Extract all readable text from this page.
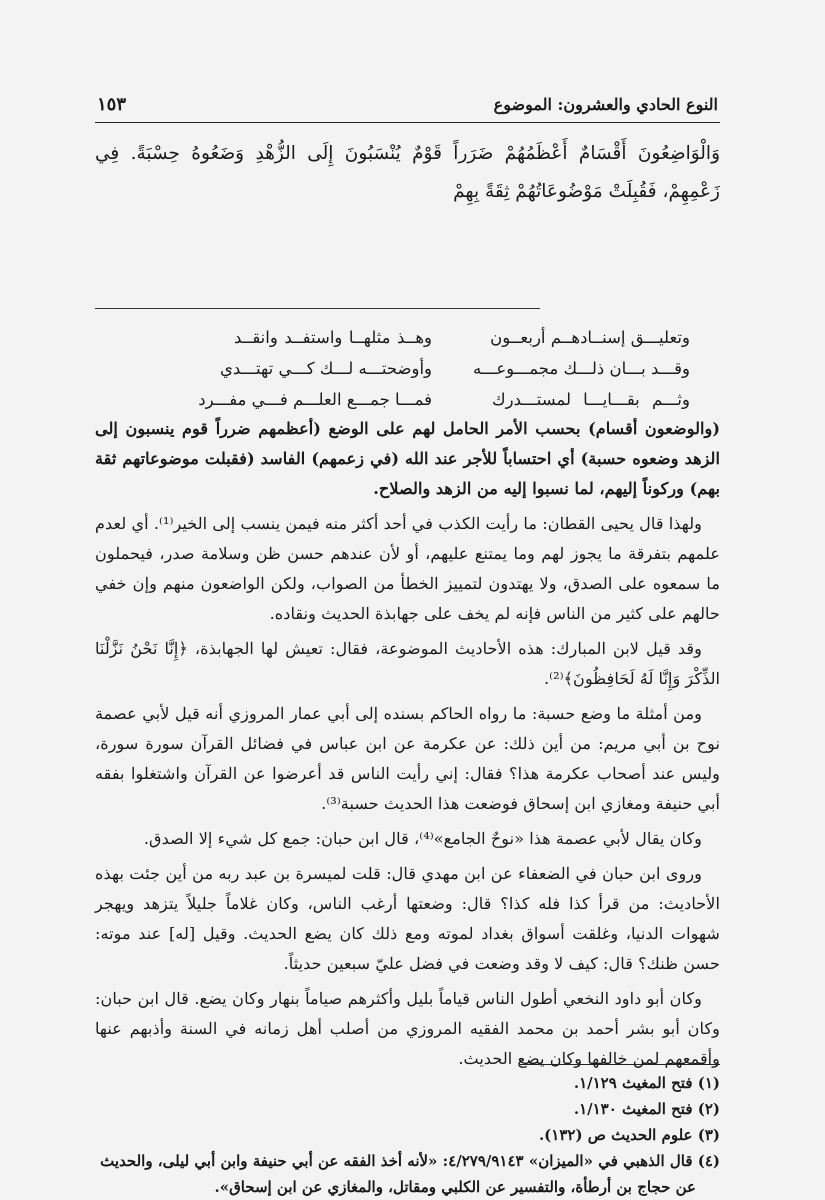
النوع الحادي والعشرون: الموضوع
١٥٣
وَالْوَاضِعُونَ أَقْسَامٌ أَعْظَمُهُمْ ضَرَراً قَوْمٌ يُنْسَبُونَ إِلَى الزُّهْدِ وَضَعُوهُ حِسْبَةً. فِي زَعْمِهِمْ، فَقُبِلَتْ مَوْضُوعَاتُهُمْ ثِقَةً بِهِمْ
وتعليـــق إسنــادهــم أربعــون
وهــذ مثلهــا واستفــد وانقــد
وقـــد بـــان ذلـــك مجمـــوعـــه
وأوضحتـــه لـــك كـــي تهتـــدي
وثـــم بقـــايـــا لمستـــدرك
فمـــا جمـــع العلـــم فـــي مفـــرد

(والوضعون أقسام) بحسب الأمر الحامل لهم على الوضع (أعظمهم ضرراً قوم ينسبون إلى الزهد وضعوه حسبة) أي احتساباً للأجر عند الله (في زعمهم) الفاسد (فقبلت موضوعاتهم ثقة بهم) وركوناً إليهم، لما نسبوا إليه من الزهد والصلاح.

ولهذا قال يحيى القطان: ما رأيت الكذب في أحد أكثر منه فيمن ينسب إلى الخير⁽¹⁾. أي لعدم علمهم بتفرقة ما يجوز لهم وما يمتنع عليهم، أو لأن عندهم حسن ظن وسلامة صدر، فيحملون ما سمعوه على الصدق، ولا يهتدون لتمييز الخطأ من الصواب، ولكن الواضعون منهم وإن خفي حالهم على كثير من الناس فإنه لم يخف على جهابذة الحديث ونقاده.

وقد قيل لابن المبارك: هذه الأحاديث الموضوعة، فقال: تعيش لها الجهابذة، ﴿إِنَّا نَحْنُ نَزَّلْنَا الذِّكْرَ وَإِنَّا لَهُ لَحَافِظُونَ﴾⁽²⁾.

ومن أمثلة ما وضع حسبة: ما رواه الحاكم بسنده إلى أبي عمار المروزي أنه قيل لأبي عصمة نوح بن أبي مريم: من أين ذلك: عن عكرمة عن ابن عباس في فضائل القرآن سورة سورة، وليس عند أصحاب عكرمة هذا؟ فقال: إني رأيت الناس قد أعرضوا عن القرآن واشتغلوا بفقه أبي حنيفة ومغازي ابن إسحاق فوضعت هذا الحديث حسبة⁽³⁾.

وكان يقال لأبي عصمة هذا «نوحٌ الجامع»⁽⁴⁾، قال ابن حبان: جمع كل شيء إلا الصدق.

وروى ابن حبان في الضعفاء عن ابن مهدي قال: قلت لميسرة بن عبد ربه من أين جئت بهذه الأحاديث: من قرأ كذا فله كذا؟ قال: وضعتها أرغب الناس، وكان غلاماً جليلاً يتزهد ويهجر شهوات الدنيا، وغلقت أسواق بغداد لموته ومع ذلك كان يضع الحديث. وقيل [له] عند موته: حسن ظنك؟ قال: كيف لا وقد وضعت في فضل عليّ سبعين حديثاً.

وكان أبو داود النخعي أطول الناس قياماً بليل وأكثرهم صياماً بنهار وكان يضع. قال ابن حبان: وكان أبو بشر أحمد بن محمد الفقيه المروزي من أصلب أهل زمانه في السنة وأذبهم عنها وأقمعهم لمن خالفها وكان يضع الحديث.

(١) فتح المغيث ١/١٢٩.

(٢) فتح المغيث ١/١٣٠.

(٣) علوم الحديث ص (١٣٢).

(٤) قال الذهبي في «الميزان» ٤/٢٧٩/٩١٤٣: «لأنه أخذ الفقه عن أبي حنيفة وابن أبي ليلى، والحديث

عن حجاج بن أرطأة، والتفسير عن الكلبي ومقاتل، والمغازي عن ابن إسحاق».
